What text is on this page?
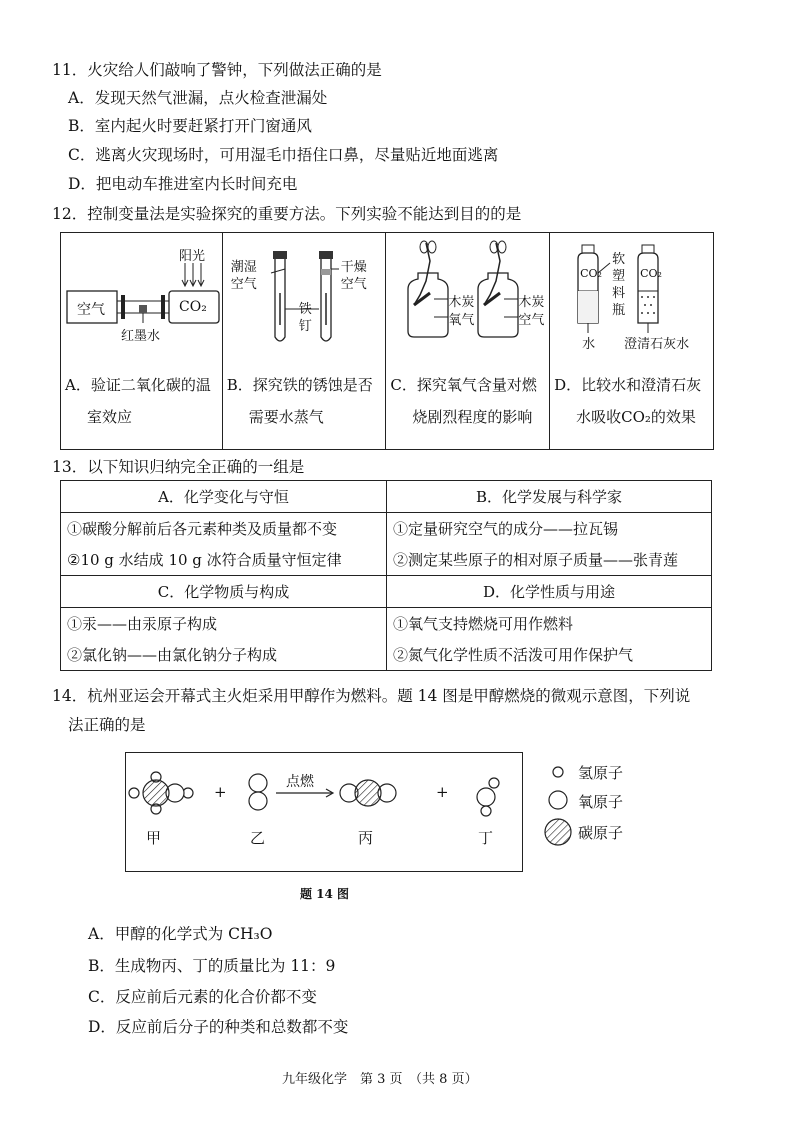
11．火灾给人们敲响了警钟，下列做法正确的是
A．发现天然气泄漏，点火检查泄漏处
B．室内起火时要赶紧打开门窗通风
C．逃离火灾现场时，可用湿毛巾捂住口鼻，尽量贴近地面逃离
D．把电动车推进室内长时间充电
12．控制变量法是实验探究的重要方法。下列实验不能达到目的的是
阳光
空气	CO₂
红墨水
A．验证二氧化碳的温
室效应

潮湿
空气
干燥
空气
铁
钉
B．探究铁的锈蚀是否
需要水蒸气

木炭
氧气
木炭
空气
C．探究氧气含量对燃
烧剧烈程度的影响

CO₂	CO₂
软
塑
料
瓶
水 澄清石灰水
D．比较水和澄清石灰
水吸收CO₂的效果
13．以下知识归纳完全正确的一组是
A．化学变化与守恒	B．化学发展与科学家
①碳酸分解前后各元素种类及质量都不变	①定量研究空气的成分——拉瓦锡
②10 g 水结成 10 g 冰符合质量守恒定律	②测定某些原子的相对原子质量——张青莲
C．化学物质与构成	D．化学性质与用途
①汞——由汞原子构成	①氧气支持燃烧可用作燃料
②氯化钠——由氯化钠分子构成	②氮气化学性质不活泼可用作保护气
14．杭州亚运会开幕式主火炬采用甲醇作为燃料。题 14 图是甲醇燃烧的微观示意图，下列说
法正确的是
+	+
点燃
甲	乙	丙	丁
氢原子
氧原子
碳原子
题 14 图
A．甲醇的化学式为 CH₃O
B．生成物丙、丁的质量比为 11：9
C．反应前后元素的化合价都不变
D．反应前后分子的种类和总数都不变
九年级化学　第 3 页　（共 8 页）
